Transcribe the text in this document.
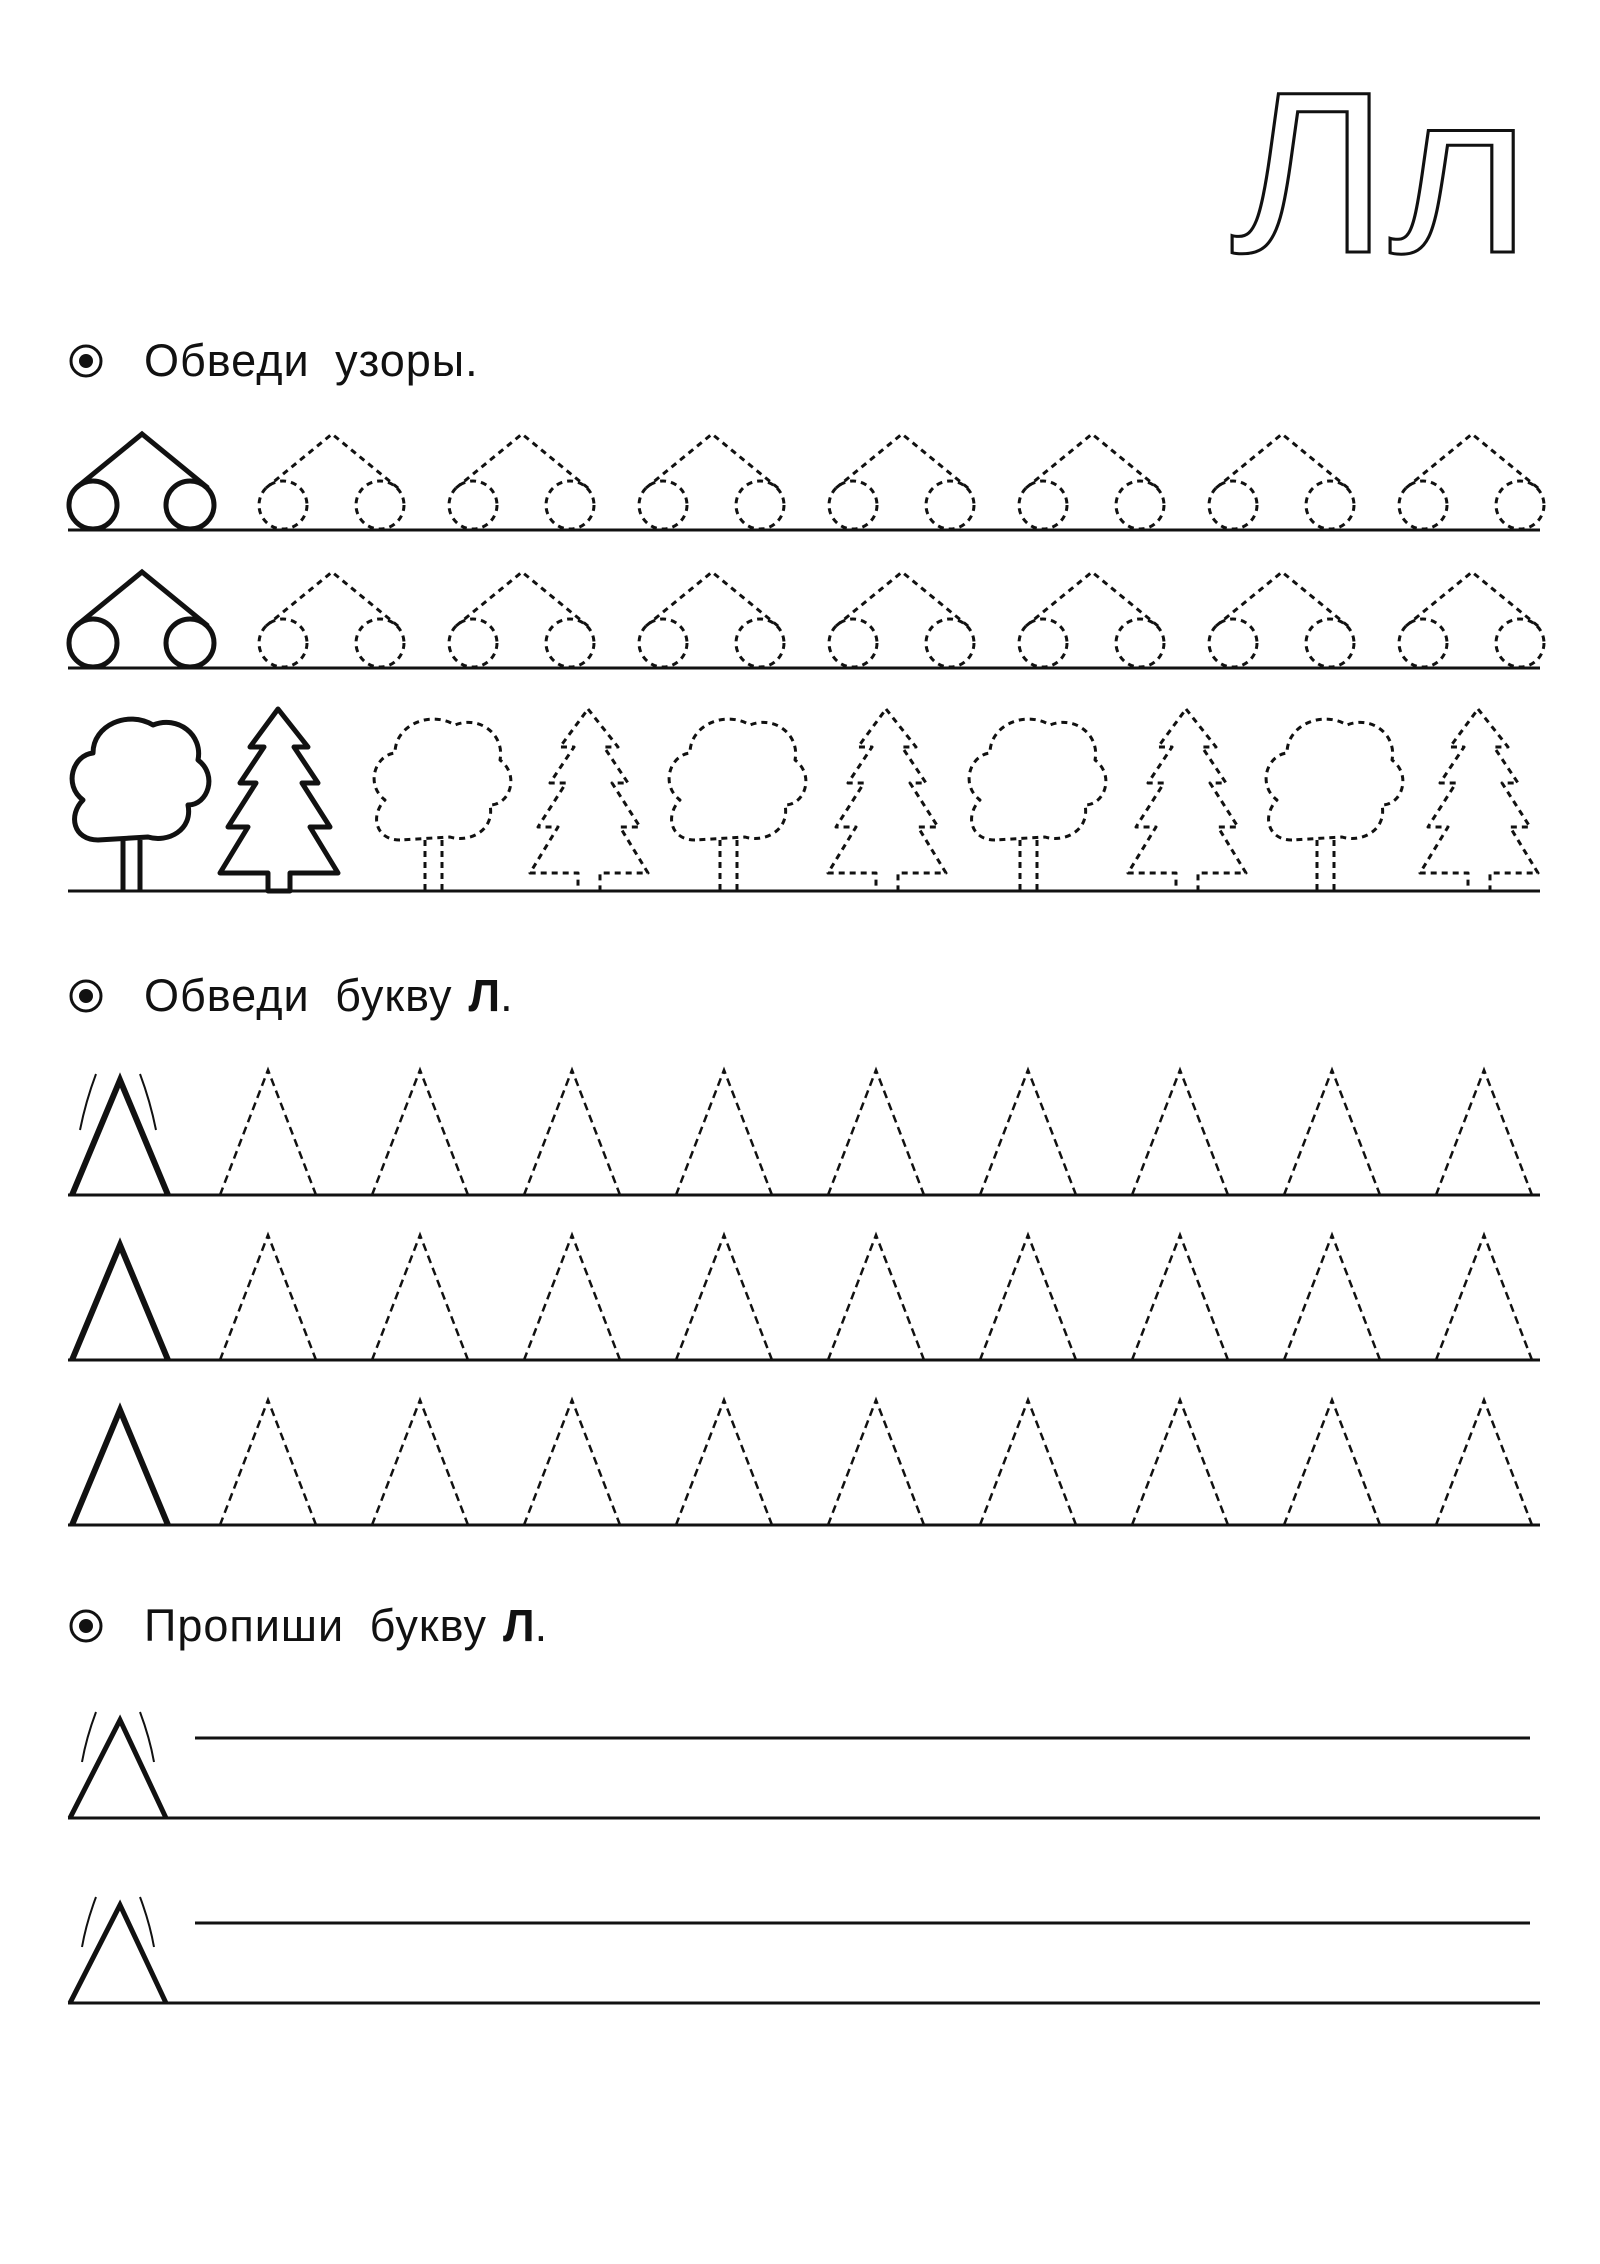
Лл
Обведи узоры .
Обведи букву Л .
Пропиши букву Л .
